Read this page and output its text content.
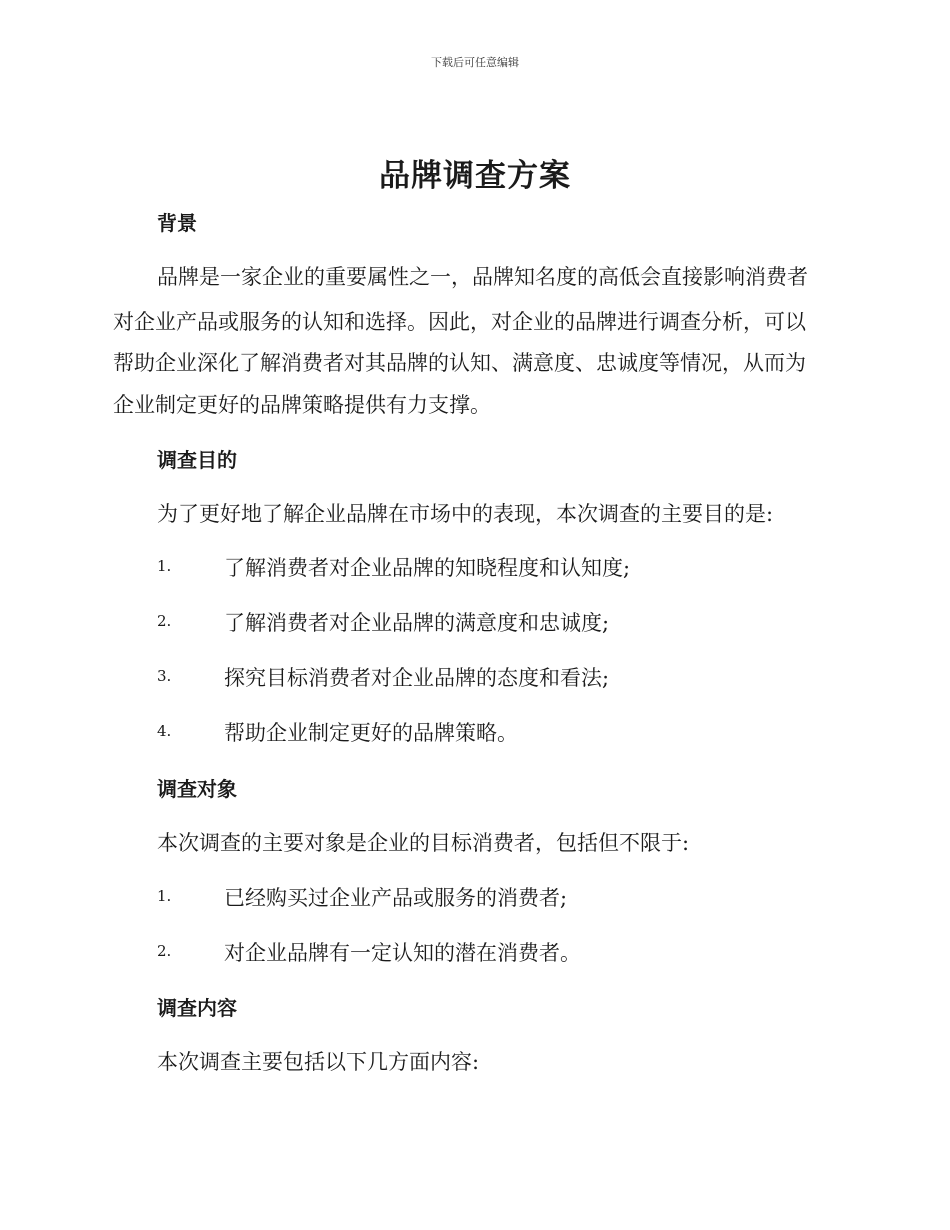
下载后可任意编辑
品牌调查方案
背景
品牌是一家企业的重要属性之一，品牌知名度的高低会直接影响消费者
对企业产品或服务的认知和选择。因此，对企业的品牌进行调查分析，可以
帮助企业深化了解消费者对其品牌的认知、满意度、忠诚度等情况，从而为
企业制定更好的品牌策略提供有力支撑。
调查目的
为了更好地了解企业品牌在市场中的表现，本次调查的主要目的是:
1.	了解消费者对企业品牌的知晓程度和认知度;
2.	了解消费者对企业品牌的满意度和忠诚度;
3.	探究目标消费者对企业品牌的态度和看法;
4.	帮助企业制定更好的品牌策略。
调查对象
本次调查的主要对象是企业的目标消费者，包括但不限于:
1.	已经购买过企业产品或服务的消费者;
2.	对企业品牌有一定认知的潜在消费者。
调查内容
本次调查主要包括以下几方面内容:
